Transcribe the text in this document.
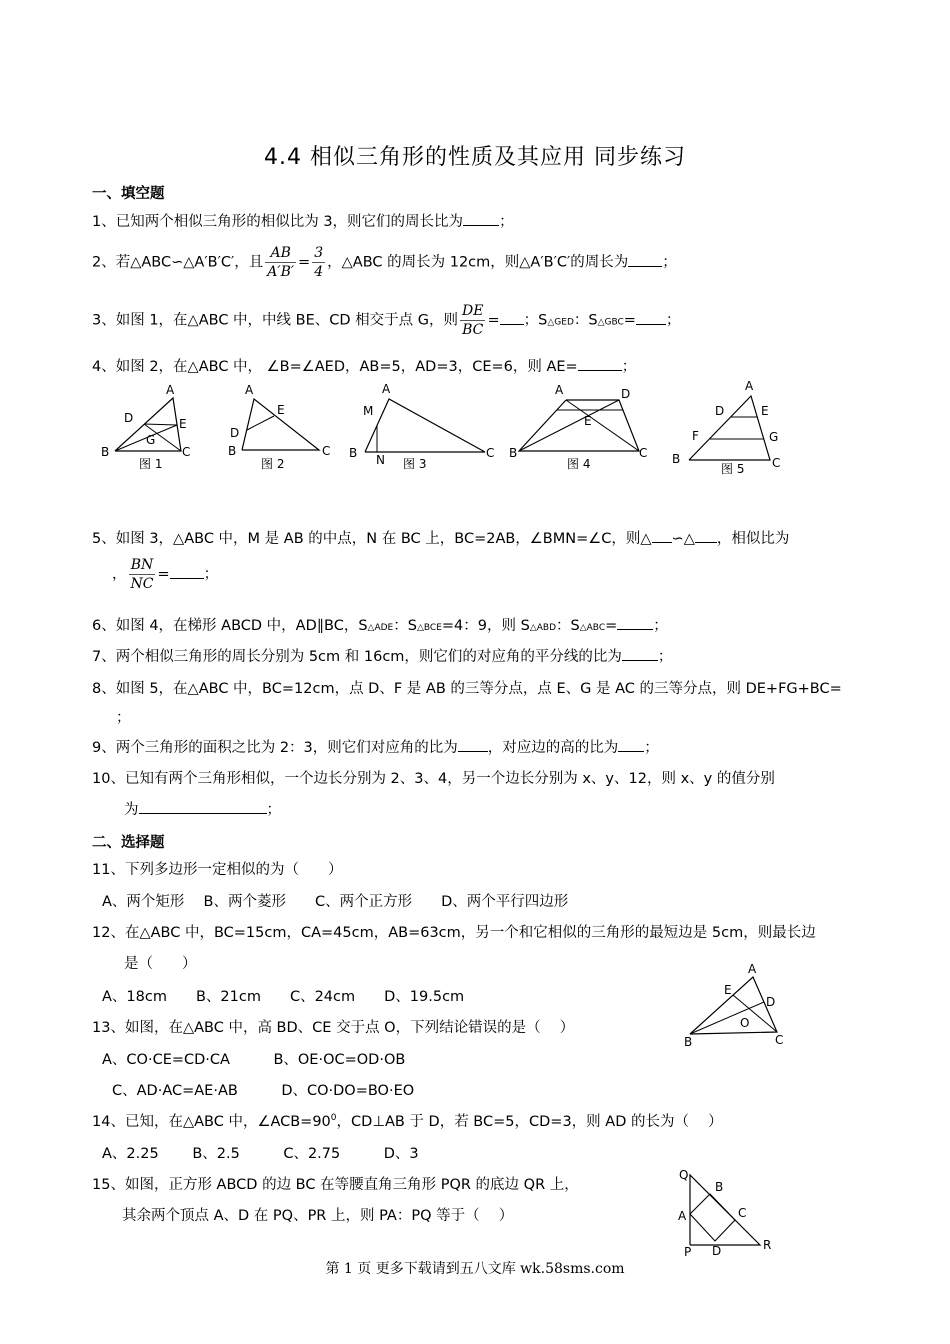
4.4 相似三角形的性质及其应用 同步练习
一、填空题
1、已知两个相似三角形的相似比为 3，则它们的周长比为 ；
2、若△ABC∽△A′B′C′，且 $\frac{AB}{A'B'} = \frac{3}{4}$ ，△ABC 的周长为 12cm，则△A′B′C′的周长为 ；
3、如图 1，在△ABC 中，中线 BE、CD 相交于点 G，则 $\frac{DE}{BC}$ = ；S△GED：S△GBC= ；
4、如图 2，在△ABC 中， ∠B=∠AED，AB=5，AD=3，CE=6，则 AE=	；
A
D	E
G
B	C
图 1
A
E
D
B	C
图 2
A
M
B N	C
图 3
A	D
E
B	C
图 4
A
D	E
F	G
B	C
图 5
5、如图 3，△ABC 中，M 是 AB 的中点，N 在 BC 上，BC=2AB，∠BMN=∠C，则△ ∽△ ，相似比为
， $\frac{BN}{NC}$ = ；
6、如图 4，在梯形 ABCD 中，AD∥BC，S△ADE：S△BCE=4：9，则 S△ABD：S△ABC= ；
7、两个相似三角形的周长分别为 5cm 和 16cm，则它们的对应角的平分线的比为 ；
8、如图 5，在△ABC 中，BC=12cm，点 D、F 是 AB 的三等分点，点 E、G 是 AC 的三等分点，则 DE+FG+BC=
；
9、两个三角形的面积之比为 2：3，则它们对应角的比为 ，对应边的高的比为 ；
10、已知有两个三角形相似，一个边长分别为 2、3、4，另一个边长分别为 x、y、12，则 x、y 的值分别
为	；
二、选择题
11、下列多边形一定相似的为（　　）
A、两个矩形　 B、两个菱形　　C、两个正方形　　D、两个平行四边形
12、在△ABC 中，BC=15cm，CA=45cm，AB=63cm，另一个和它相似的三角形的最短边是 5cm，则最长边
是（　　）
A、18cm　　B、21cm　　C、24cm　　D、19.5cm
A
E
D
O
B	C
13、如图，在△ABC 中，高 BD、CE 交于点 O，下列结论错误的是（　 ）
A、CO·CE=CD·CA　　　B、OE·OC=OD·OB
C、AD·AC=AE·AB　　　D、CO·DO=BO·EO
14、已知，在△ABC 中，$\angle ACB=90^0$，CD⊥AB 于 D，若 BC=5，CD=3，则 AD 的长为（　 ）
A、2.25　　 B、2.5　　　C、2.75　　　D、3
15、如图，正方形 ABCD 的边 BC 在等腰直角三角形 PQR 的底边 QR 上，
其余两个顶点 A、D 在 PQ、PR 上，则 PA：PQ 等于（　 ）
Q
B
A	C
P D	R
第 1 页 更多下载请到五八文库 wk.58sms.com
